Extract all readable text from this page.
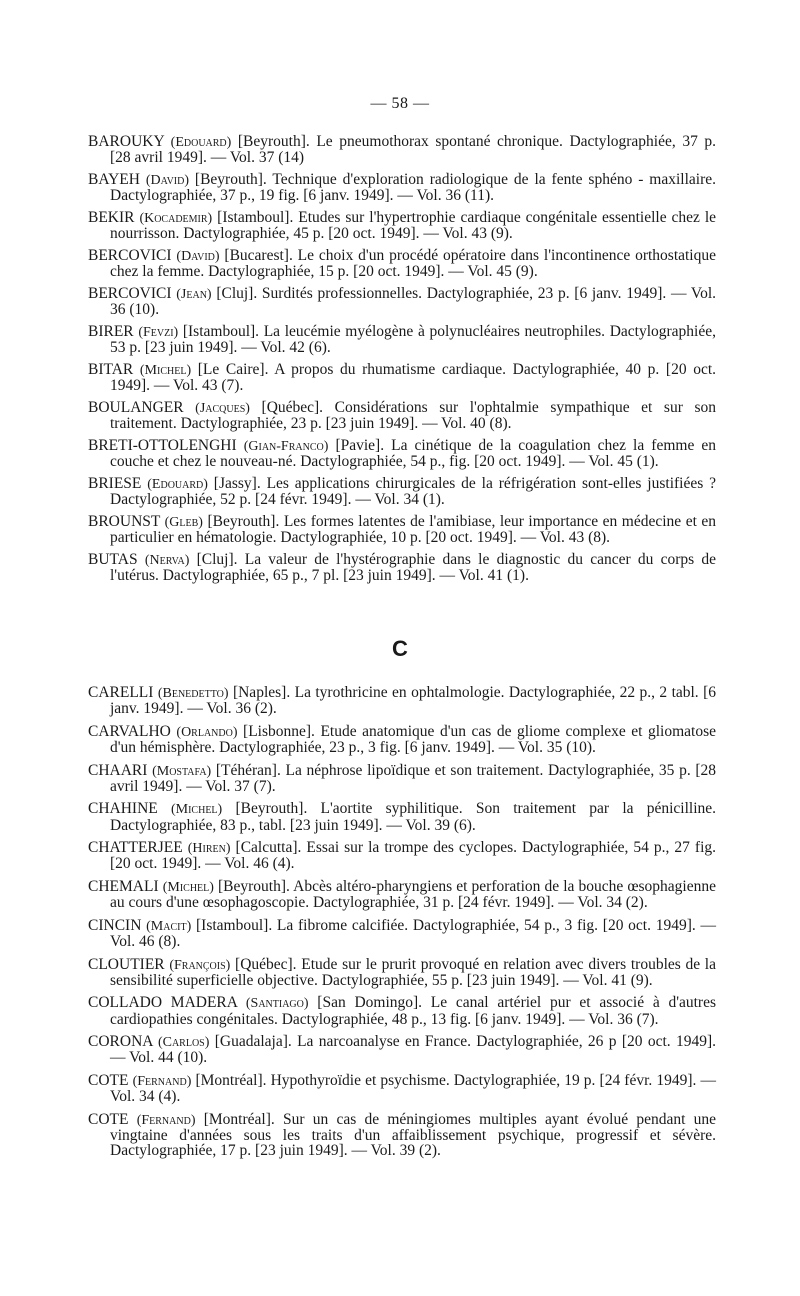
— 58 —

BAROUKY (Edouard) [Beyrouth]. Le pneumothorax spontané chronique. Dactylographiée, 37 p. [28 avril 1949]. — Vol. 37 (14)

BAYEH (David) [Beyrouth]. Technique d'exploration radiologique de la fente sphéno - maxillaire. Dactylographiée, 37 p., 19 fig. [6 janv. 1949]. — Vol. 36 (11).

BEKIR (Kocademir) [Istamboul]. Etudes sur l'hypertrophie cardiaque congénitale essentielle chez le nourrisson. Dactylographiée, 45 p. [20 oct. 1949]. — Vol. 43 (9).

BERCOVICI (David) [Bucarest]. Le choix d'un procédé opératoire dans l'incontinence orthostatique chez la femme. Dactylographiée, 15 p. [20 oct. 1949]. — Vol. 45 (9).

BERCOVICI (Jean) [Cluj]. Surdités professionnelles. Dactylographiée, 23 p. [6 janv. 1949]. — Vol. 36 (10).

BIRER (Fevzi) [Istamboul]. La leucémie myélogène à polynucléaires neutrophiles. Dactylographiée, 53 p. [23 juin 1949]. — Vol. 42 (6).

BITAR (Michel) [Le Caire]. A propos du rhumatisme cardiaque. Dactylographiée, 40 p. [20 oct. 1949]. — Vol. 43 (7).

BOULANGER (Jacques) [Québec]. Considérations sur l'ophtalmie sympathique et sur son traitement. Dactylographiée, 23 p. [23 juin 1949]. — Vol. 40 (8).

BRETI-OTTOLENGHI (Gian-Franco) [Pavie]. La cinétique de la coagulation chez la femme en couche et chez le nouveau-né. Dactylographiée, 54 p., fig. [20 oct. 1949]. — Vol. 45 (1).

BRIESE (Edouard) [Jassy]. Les applications chirurgicales de la réfrigération sont-elles justifiées ? Dactylographiée, 52 p. [24 févr. 1949]. — Vol. 34 (1).

BROUNST (Gleb) [Beyrouth]. Les formes latentes de l'amibiase, leur importance en médecine et en particulier en hématologie. Dactylographiée, 10 p. [20 oct. 1949]. — Vol. 43 (8).

BUTAS (Nerva) [Cluj]. La valeur de l'hystérographie dans le diagnostic du cancer du corps de l'utérus. Dactylographiée, 65 p., 7 pl. [23 juin 1949]. — Vol. 41 (1).

C

CARELLI (Benedetto) [Naples]. La tyrothricine en ophtalmologie. Dactylographiée, 22 p., 2 tabl. [6 janv. 1949]. — Vol. 36 (2).

CARVALHO (Orlando) [Lisbonne]. Etude anatomique d'un cas de gliome complexe et gliomatose d'un hémisphère. Dactylographiée, 23 p., 3 fig. [6 janv. 1949]. — Vol. 35 (10).

CHAARI (Mostafa) [Téhéran]. La néphrose lipoïdique et son traitement. Dactylographiée, 35 p. [28 avril 1949]. — Vol. 37 (7).

CHAHINE (Michel) [Beyrouth]. L'aortite syphilitique. Son traitement par la pénicilline. Dactylographiée, 83 p., tabl. [23 juin 1949]. — Vol. 39 (6).

CHATTERJEE (Hiren) [Calcutta]. Essai sur la trompe des cyclopes. Dactylographiée, 54 p., 27 fig. [20 oct. 1949]. — Vol. 46 (4).

CHEMALI (Michel) [Beyrouth]. Abcès altéro-pharyngiens et perforation de la bouche œsophagienne au cours d'une œsophagoscopie. Dactylographiée, 31 p. [24 févr. 1949]. — Vol. 34 (2).

CINCIN (Macit) [Istamboul]. La fibrome calcifiée. Dactylographiée, 54 p., 3 fig. [20 oct. 1949]. — Vol. 46 (8).

CLOUTIER (François) [Québec]. Etude sur le prurit provoqué en relation avec divers troubles de la sensibilité superficielle objective. Dactylographiée, 55 p. [23 juin 1949]. — Vol. 41 (9).

COLLADO MADERA (Santiago) [San Domingo]. Le canal artériel pur et associé à d'autres cardiopathies congénitales. Dactylographiée, 48 p., 13 fig. [6 janv. 1949]. — Vol. 36 (7).

CORONA (Carlos) [Guadalaja]. La narcoanalyse en France. Dactylographiée, 26 p [20 oct. 1949]. — Vol. 44 (10).

COTE (Fernand) [Montréal]. Hypothyroïdie et psychisme. Dactylographiée, 19 p. [24 févr. 1949]. — Vol. 34 (4).

COTE (Fernand) [Montréal]. Sur un cas de méningiomes multiples ayant évolué pendant une vingtaine d'années sous les traits d'un affaiblissement psychique, progressif et sévère. Dactylographiée, 17 p. [23 juin 1949]. — Vol. 39 (2).
